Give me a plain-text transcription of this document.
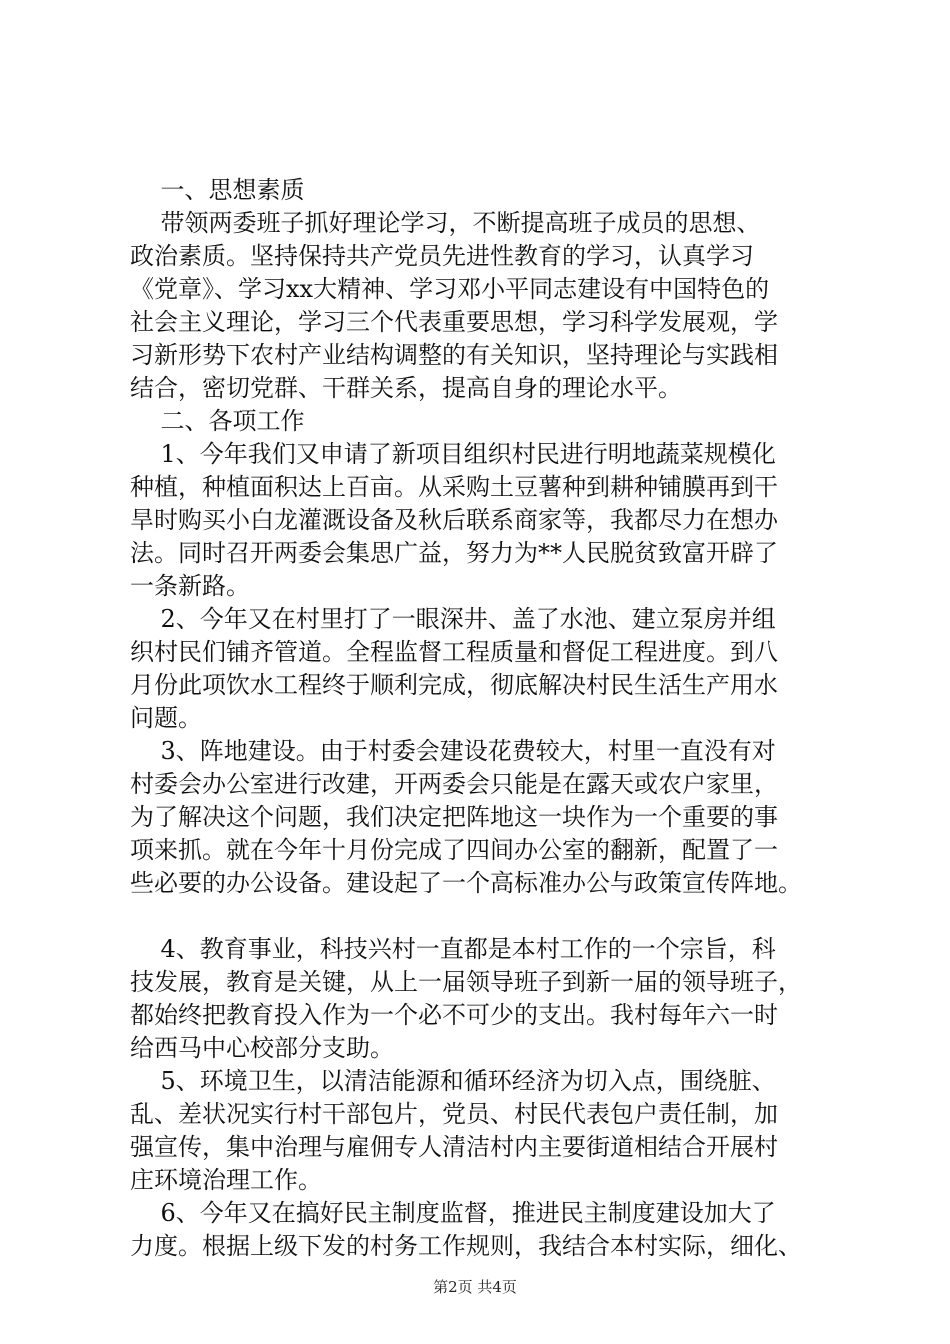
一、思想素质
带领两委班子抓好理论学习，不断提高班子成员的思想、
政治素质。坚持保持共产党员先进性教育的学习，认真学习
《党章》、学习xx大精神、学习邓小平同志建设有中国特色的
社会主义理论，学习三个代表重要思想，学习科学发展观，学
习新形势下农村产业结构调整的有关知识，坚持理论与实践相
结合，密切党群、干群关系，提高自身的理论水平。
二、各项工作
1、今年我们又申请了新项目组织村民进行明地蔬菜规模化
种植，种植面积达上百亩。从采购土豆薯种到耕种铺膜再到干
旱时购买小白龙灌溉设备及秋后联系商家等，我都尽力在想办
法。同时召开两委会集思广益，努力为**人民脱贫致富开辟了
一条新路。
2、今年又在村里打了一眼深井、盖了水池、建立泵房并组
织村民们铺齐管道。全程监督工程质量和督促工程进度。到八
月份此项饮水工程终于顺利完成，彻底解决村民生活生产用水
问题。
3、阵地建设。由于村委会建设花费较大，村里一直没有对
村委会办公室进行改建，开两委会只能是在露天或农户家里，
为了解决这个问题，我们决定把阵地这一块作为一个重要的事
项来抓。就在今年十月份完成了四间办公室的翻新，配置了一
些必要的办公设备。建设起了一个高标准办公与政策宣传阵地。
4、教育事业，科技兴村一直都是本村工作的一个宗旨，科
技发展，教育是关键，从上一届领导班子到新一届的领导班子，
都始终把教育投入作为一个必不可少的支出。我村每年六一时
给西马中心校部分支助。
5、环境卫生，以清洁能源和循环经济为切入点，围绕脏、
乱、差状况实行村干部包片，党员、村民代表包户责任制，加
强宣传，集中治理与雇佣专人清洁村内主要街道相结合开展村
庄环境治理工作。
6、今年又在搞好民主制度监督，推进民主制度建设加大了
力度。根据上级下发的村务工作规则，我结合本村实际，细化、
第2页 共4页
